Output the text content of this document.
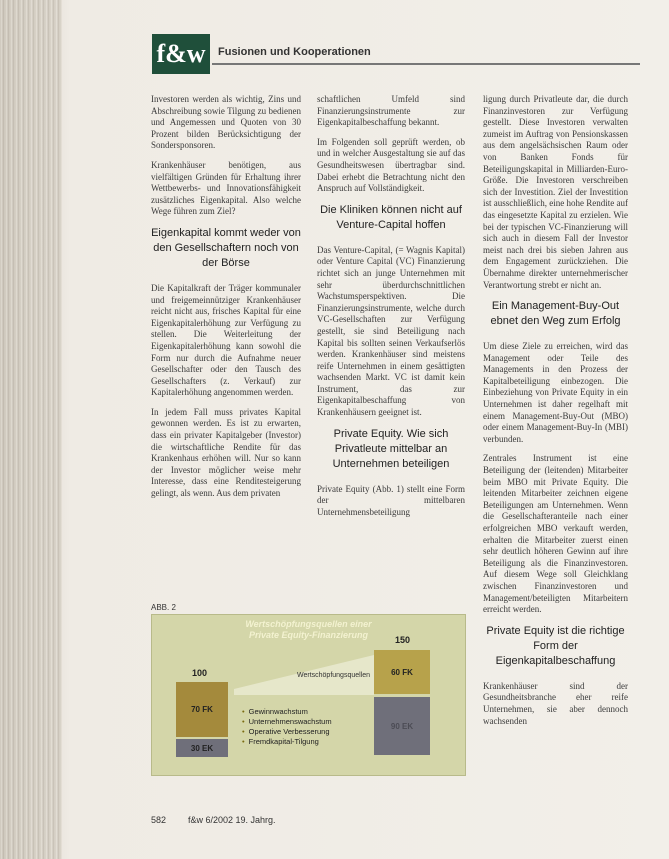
f&w	Fusionen und Kooperationen

Investoren werden als wichtig, Zins und Abschreibung sowie Tilgung zu bedienen und Angemessen und Quoten von 30 Prozent bilden Berücksichtigung der Sondersponsoren.

Krankenhäuser benötigen, aus vielfältigen Gründen für Erhaltung ihrer Wettbewerbs- und Innovationsfähigkeit zusätzliches Eigenkapital. Also welche Wege führen zum Ziel?

Eigenkapital kommt weder von den Gesellschaftern noch von der Börse

Die Kapitalkraft der Träger kommunaler und freigemeinnütziger Krankenhäuser reicht nicht aus, frisches Kapital für eine Eigenkapitalerhöhung zur Verfügung zu stellen. Die Weiterleitung der Eigenkapitalerhöhung kann sowohl die Form nur durch die Aufnahme neuer Gesellschafter oder den Tausch des Gesellschafters (z. Verkauf) zur Kapitalerhöhung angenommen werden.

In jedem Fall muss privates Kapital gewonnen werden. Es ist zu erwarten, dass ein privater Kapitalgeber (Investor) die wirtschaftliche Rendite für das Krankenhaus erhöhen will. Nur so kann der Investor möglicher weise mehr Interesse, dass eine Renditesteigerung gelingt, als wenn. Aus dem privaten

schaftlichen Umfeld sind Finanzierungsinstrumente zur Eigenkapitalbeschaffung bekannt.

Im Folgenden soll geprüft werden, ob und in welcher Ausgestaltung sie auf das Gesundheitswesen übertragbar sind. Dabei erhebt die Betrachtung nicht den Anspruch auf Vollständigkeit.

Die Kliniken können nicht auf Venture-Capital hoffen

Das Venture-Capital, (= Wagnis Kapital) oder Venture Capital (VC) Finanzierung richtet sich an junge Unternehmen mit sehr überdurchschnittlichen Wachstumsperspektiven. Die Finanzierungsinstrumente, welche durch VC-Gesellschaften zur Verfügung gestellt, sie sind Beteiligung nach Kapital bis sollten seinen Verkaufserlös werden. Krankenhäuser sind meistens reife Unternehmen in einem gesättigten wachsenden Markt. VC ist damit kein Instrument, das zur Eigenkapitalbeschaffung von Krankenhäusern geeignet ist.

Private Equity. Wie sich Privatleute mittelbar an Unternehmen beteiligen

Private Equity (Abb. 1) stellt eine Form der mittelbaren Unternehmensbeteiligung

ligung durch Privatleute dar, die durch Finanzinvestoren zur Verfügung gestellt. Diese Investoren verwalten zumeist im Auftrag von Pensionskassen aus dem angelsächsischen Raum oder von Banken Fonds für Beteiligungskapital in Milliarden-Euro-Größe. Die Investoren verschreiben sich der Investition. Ziel der Investition ist ausschließlich, eine hohe Rendite auf das eingesetzte Kapital zu erzielen. Wie bei der typischen VC-Finanzierung will sich auch in diesem Fall der Investor meist nach drei bis sieben Jahren aus dem Engagement zurückziehen. Die Übernahme direkter unternehmerischer Verantwortung strebt er nicht an.

Ein Management-Buy-Out ebnet den Weg zum Erfolg

Um diese Ziele zu erreichen, wird das Management oder Teile des Managements in den Prozess der Kapitalbeteiligung einbezogen. Die Einbeziehung von Private Equity in ein Unternehmen ist daher regelhaft mit einem Management-Buy-Out (MBO) oder einem Management-Buy-In (MBI) verbunden.

Zentrales Instrument ist eine Beteiligung der (leitenden) Mitarbeiter beim MBO mit Private Equity. Die leitenden Mitarbeiter zeichnen eigene Beteiligungen am Unternehmen. Wenn die Gesellschafteranteile nach einer erfolgreichen MBO verkauft werden, erhalten die Mitarbeiter zuerst einen sehr deutlich höheren Gewinn auf ihre Beteiligung als die Finanzinvestoren. Auf diesem Wege soll Gleichklang zwischen Finanzinvestoren und Management/beteiligten Mitarbeitern erreicht werden.

Private Equity ist die richtige Form der Eigenkapitalbeschaffung

Krankenhäuser sind der Gesundheitsbranche eher reife Unternehmen, sie aber dennoch wachsenden

ABB. 2
Wertschöpfungsquellen einer
Private Equity-Finanzierung
Wertschöpfungsquellen
100
70 FK
30 EK
• Gewinnwachstum
• Unternehmenswachstum
• Operative Verbesserung
• Fremdkapital-Tilgung
150
60 FK
90 EK
582 f&w 6/2002 19. Jahrg.
